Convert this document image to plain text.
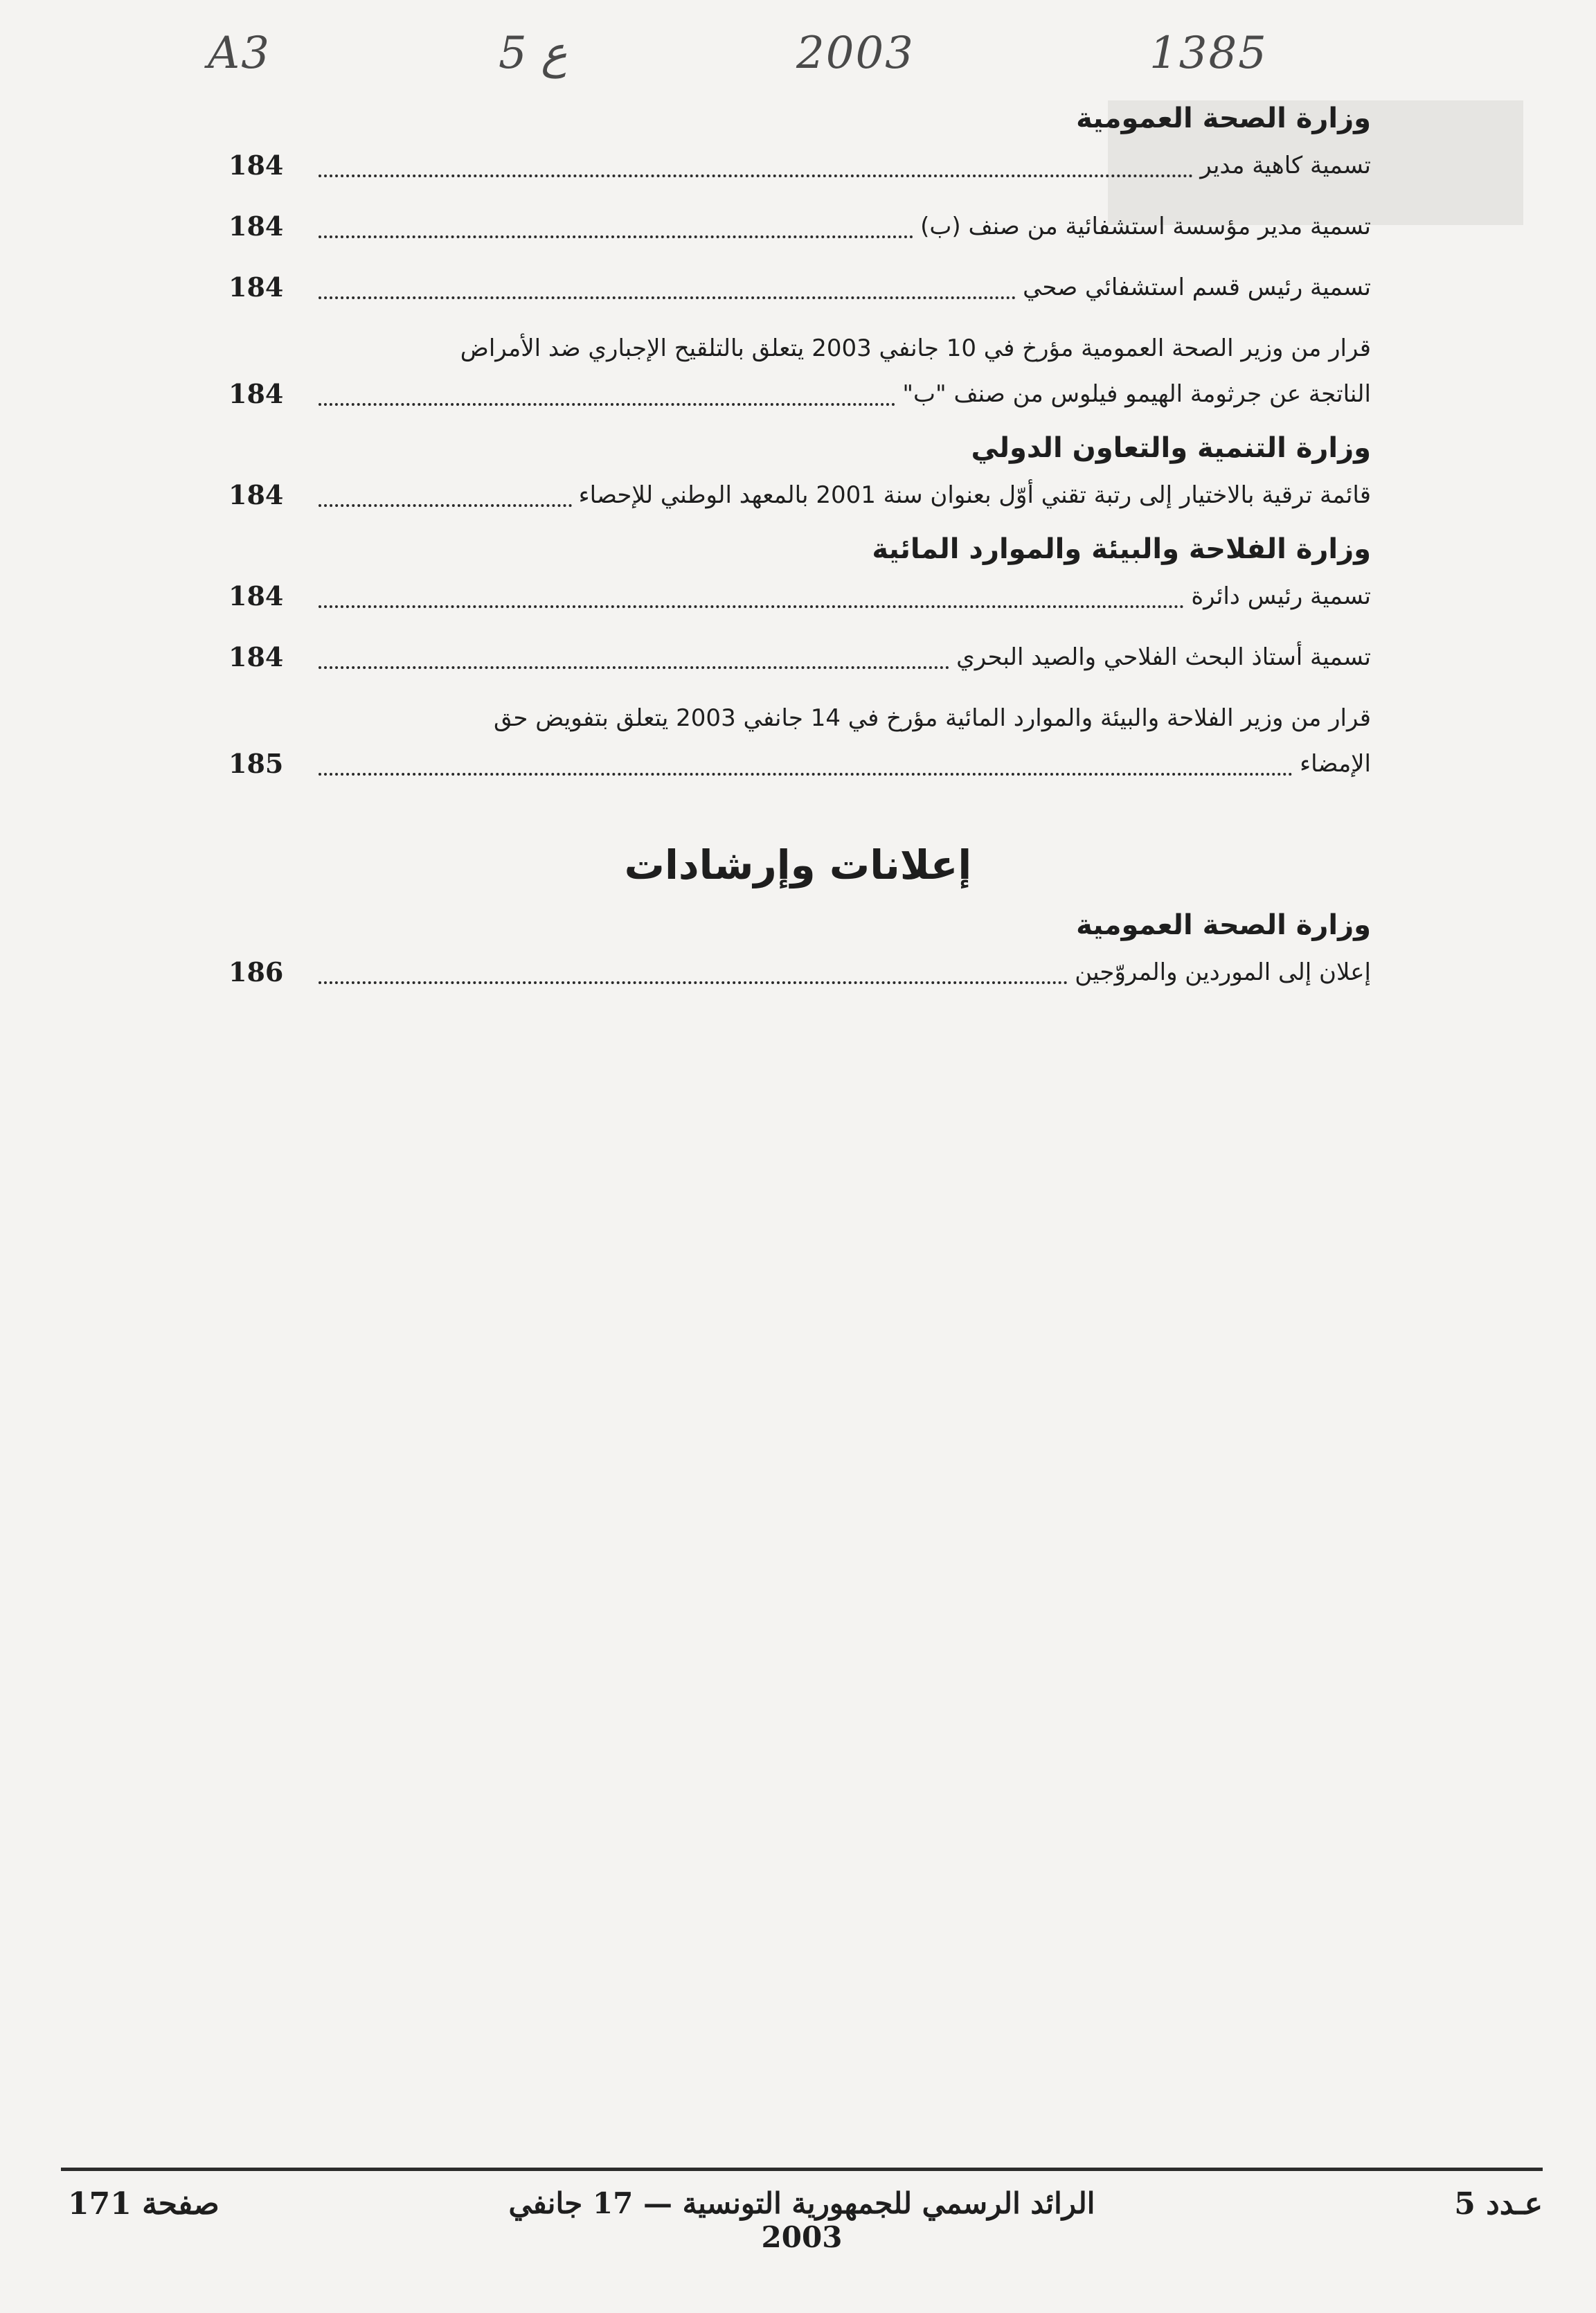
A3	5 ع	2003	1385
وزارة الصحة العمومية
تسمية كاهية مدير
184
تسمية مدير مؤسسة استشفائية من صنف (ب)
184
تسمية رئيس قسم استشفائي صحي
184
قرار من وزير الصحة العمومية مؤرخ في 10 جانفي 2003 يتعلق بالتلقيح الإجباري ضد الأمراض
الناتجة عن جرثومة الهيمو فيلوس من صنف "ب"
184
وزارة التنمية والتعاون الدولي
قائمة ترقية بالاختيار إلى رتبة تقني أوّل بعنوان سنة 2001 بالمعهد الوطني للإحصاء
184
وزارة الفلاحة والبيئة والموارد المائية
تسمية رئيس دائرة
184
تسمية أستاذ البحث الفلاحي والصيد البحري
184
قرار من وزير الفلاحة والبيئة والموارد المائية مؤرخ في 14 جانفي 2003 يتعلق بتفويض حق
الإمضاء
185
إعلانات وإرشادات
وزارة الصحة العمومية
إعلان إلى الموردين والمروّجين
186
عـدد 5
الرائد الرسمي للجمهورية التونسية — 17 جانفي 2003
صفحة 171
